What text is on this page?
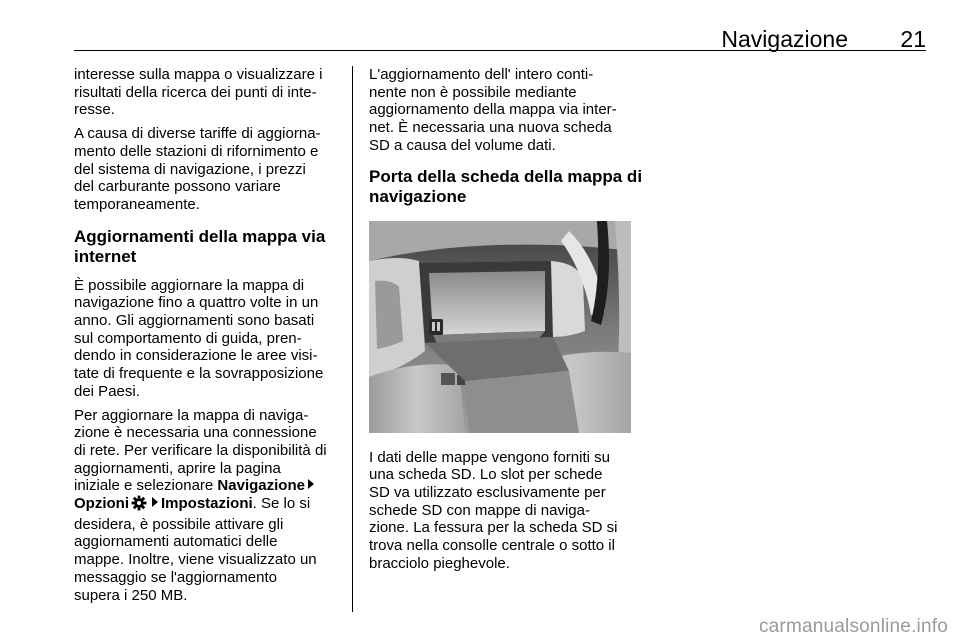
Navigazione 21
interesse sulla mappa o visualizzare i
risultati della ricerca dei punti di inte-
resse.
A causa di diverse tariffe di aggiorna-
mento delle stazioni di rifornimento e
del sistema di navigazione, i prezzi
del carburante possono variare
temporaneamente.
Aggiornamenti della mappa via
internet
È possibile aggiornare la mappa di
navigazione fino a quattro volte in un
anno. Gli aggiornamenti sono basati
sul comportamento di guida, pren-
dendo in considerazione le aree visi-
tate di frequente e la sovrapposizione
dei Paesi.
Per aggiornare la mappa di naviga-
zione è necessaria una connessione
di rete. Per verificare la disponibilità di
aggiornamenti, aprire la pagina
iniziale e selezionare Navigazione
Opzioni Impostazioni. Se lo si
desidera, è possibile attivare gli
aggiornamenti automatici delle
mappe. Inoltre, viene visualizzato un
messaggio se l'aggiornamento
supera i 250 MB.
L'aggiornamento dell' intero conti-
nente non è possibile mediante
aggiornamento della mappa via inter-
net. È necessaria una nuova scheda
SD a causa del volume dati.
Porta della scheda della mappa di
navigazione
I dati delle mappe vengono forniti su
una scheda SD. Lo slot per schede
SD va utilizzato esclusivamente per
schede SD con mappe di naviga-
zione. La fessura per la scheda SD si
trova nella consolle centrale o sotto il
bracciolo pieghevole.
carmanualsonline.info
